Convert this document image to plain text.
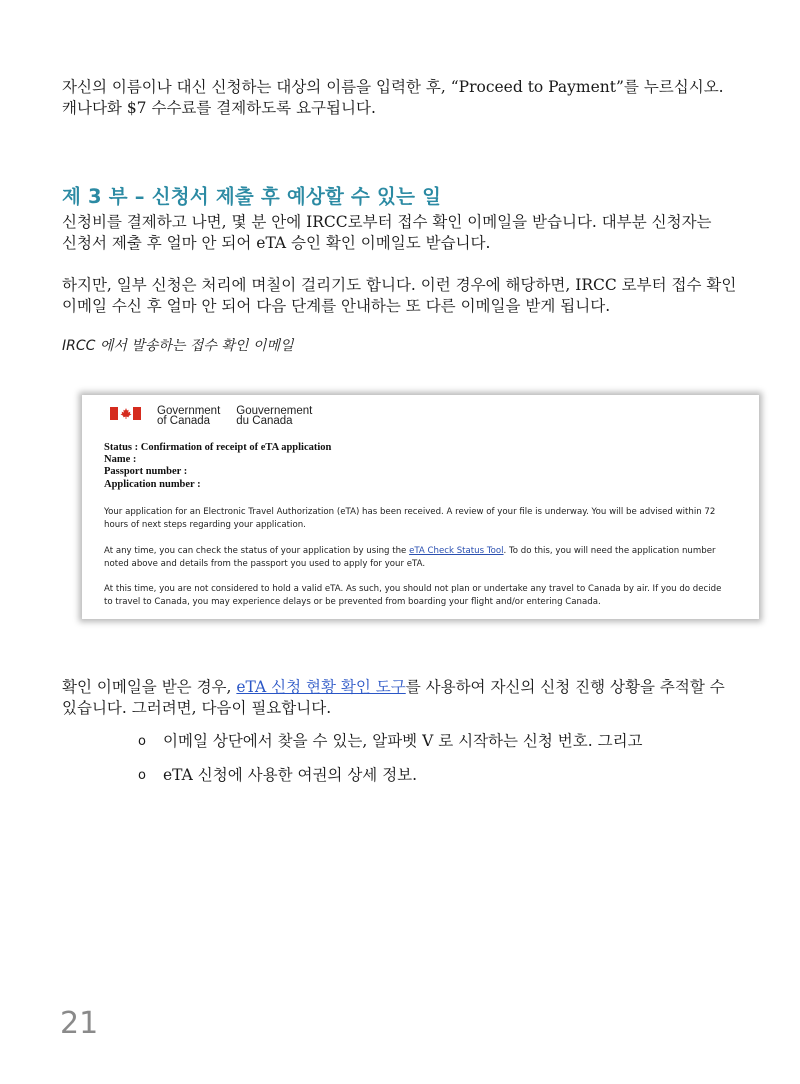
자신의 이름이나 대신 신청하는 대상의 이름을 입력한 후, “Proceed to Payment”를 누르십시오.
캐나다화 $7 수수료를 결제하도록 요구됩니다.

제 3 부 – 신청서 제출 후 예상할 수 있는 일

신청비를 결제하고 나면, 몇 분 안에 IRCC로부터 접수 확인 이메일을 받습니다. 대부분 신청자는
신청서 제출 후 얼마 안 되어 eTA 승인 확인 이메일도 받습니다.

하지만, 일부 신청은 처리에 며칠이 걸리기도 합니다. 이런 경우에 해당하면, IRCC 로부터 접수 확인
이메일 수신 후 얼마 안 되어 다음 단계를 안내하는 또 다른 이메일을 받게 됩니다.

IRCC 에서 발송하는 접수 확인 이메일

Government
of Canada
Gouvernement
du Canada
Status : Confirmation of receipt of eTA application
Name :
Passport number :
Application number :

Your application for an Electronic Travel Authorization (eTA) has been received. A review of your file is underway. You will be advised within 72
hours of next steps regarding your application.

At any time, you can check the status of your application by using the eTA Check Status Tool. To do this, you will need the application number
noted above and details from the passport you used to apply for your eTA.

At this time, you are not considered to hold a valid eTA. As such, you should not plan or undertake any travel to Canada by air. If you do decide
to travel to Canada, you may experience delays or be prevented from boarding your flight and/or entering Canada.

확인 이메일을 받은 경우, eTA 신청 현황 확인 도구를 사용하여 자신의 신청 진행 상황을 추적할 수
있습니다. 그러려면, 다음이 필요합니다.

o	이메일 상단에서 찾을 수 있는, 알파벳 V 로 시작하는 신청 번호. 그리고
o	eTA 신청에 사용한 여권의 상세 정보.

21
